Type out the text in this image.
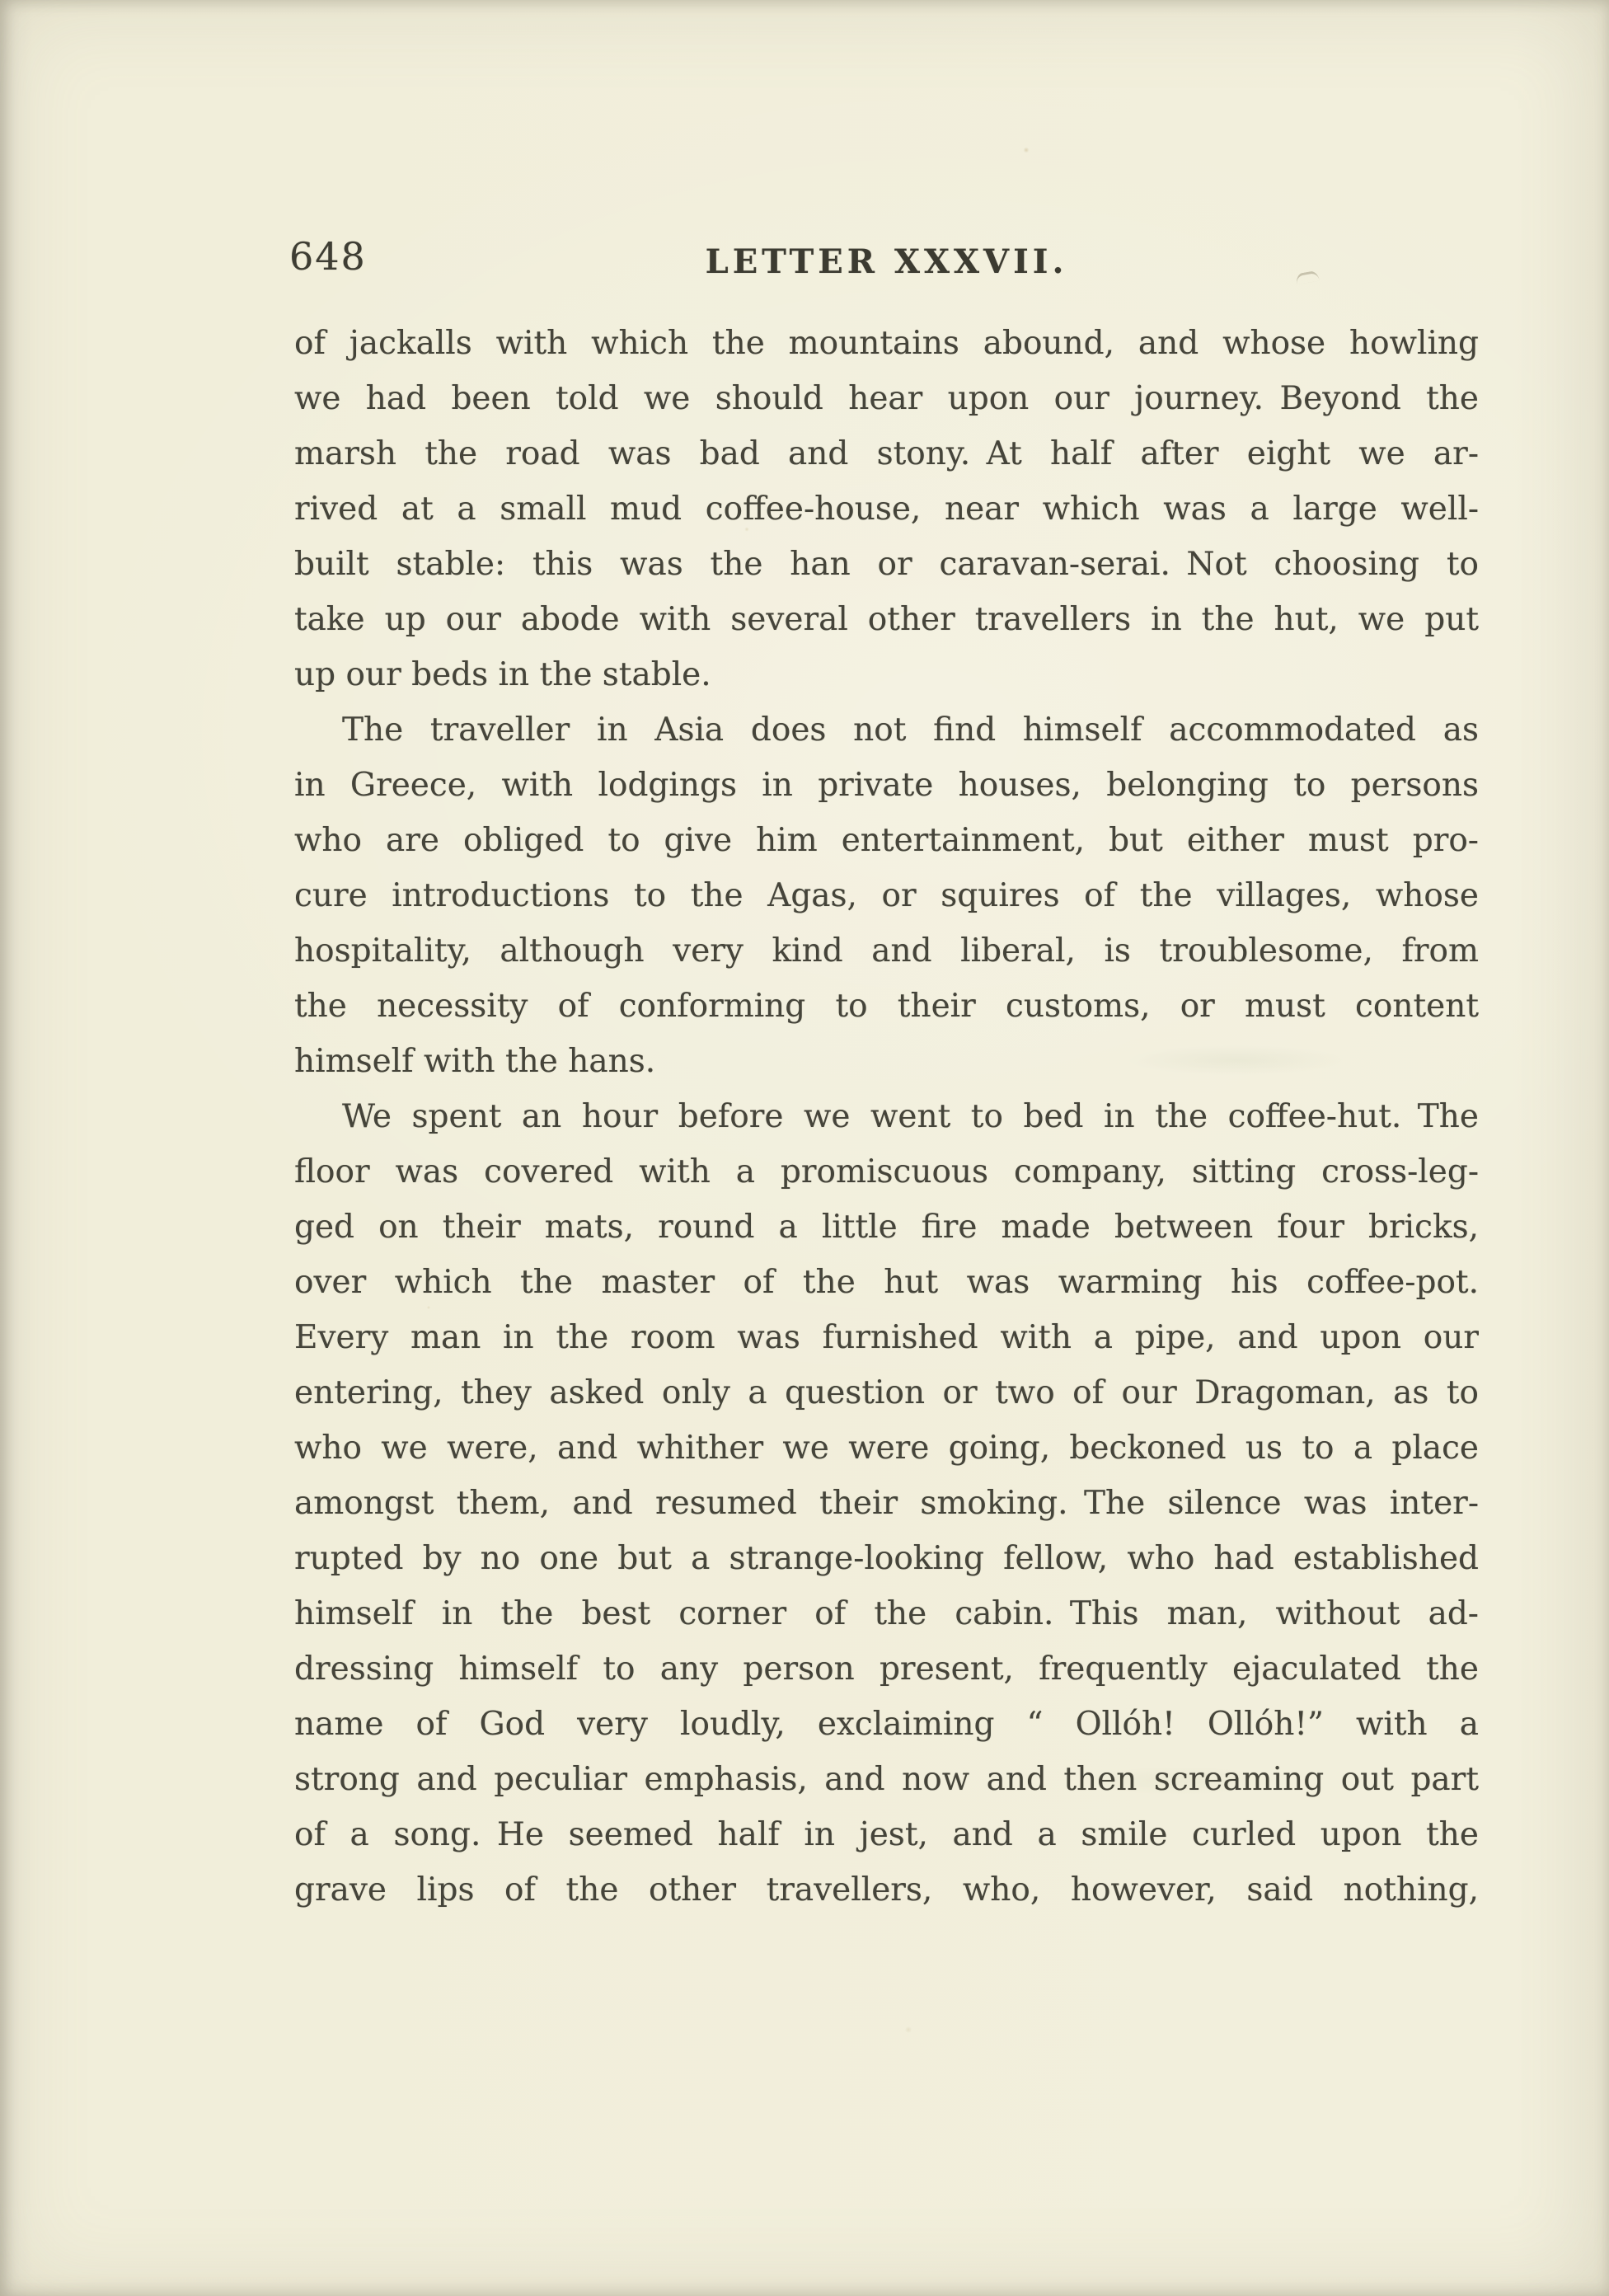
648	LETTER XXXVII.
of jackalls with which the mountains abound, and whose howling
we had been told we should hear upon our journey. Beyond the
marsh the road was bad and stony. At half after eight we ar-
rived at a small mud coffee-house, near which was a large well-
built stable: this was the han or caravan-serai. Not choosing to
take up our abode with several other travellers in the hut, we put
up our beds in the stable.
The traveller in Asia does not find himself accommodated as
in Greece, with lodgings in private houses, belonging to persons
who are obliged to give him entertainment, but either must pro-
cure introductions to the Agas, or squires of the villages, whose
hospitality, although very kind and liberal, is troublesome, from
the necessity of conforming to their customs, or must content
himself with the hans.
We spent an hour before we went to bed in the coffee-hut. The
floor was covered with a promiscuous company, sitting cross-leg-
ged on their mats, round a little fire made between four bricks,
over which the master of the hut was warming his coffee-pot.
Every man in the room was furnished with a pipe, and upon our
entering, they asked only a question or two of our Dragoman, as to
who we were, and whither we were going, beckoned us to a place
amongst them, and resumed their smoking. The silence was inter-
rupted by no one but a strange-looking fellow, who had established
himself in the best corner of the cabin. This man, without ad-
dressing himself to any person present, frequently ejaculated the
name of God very loudly, exclaiming “ Ollóh! Ollóh!” with a
strong and peculiar emphasis, and now and then screaming out part
of a song. He seemed half in jest, and a smile curled upon the
grave lips of the other travellers, who, however, said nothing,
